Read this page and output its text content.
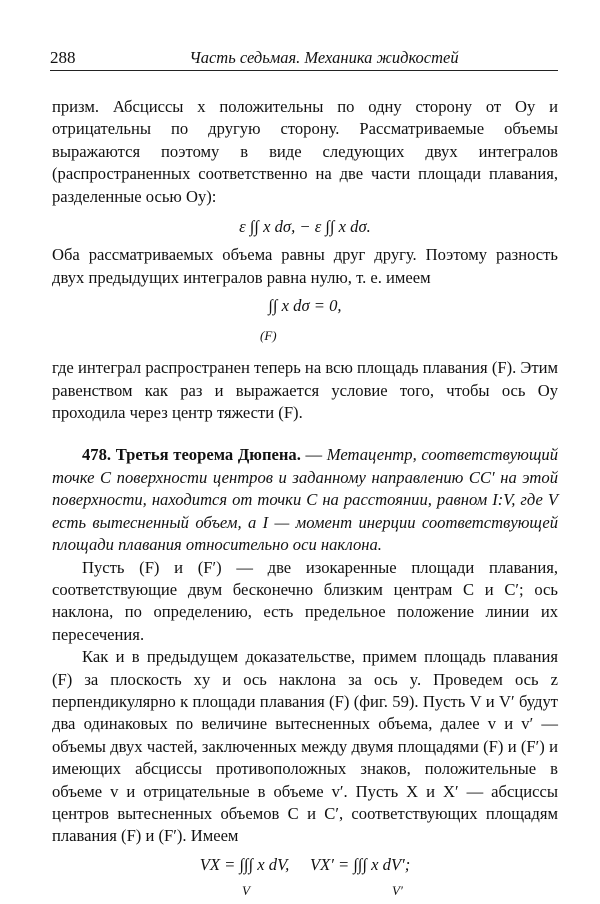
288	Часть седьмая. Механика жидкостей

призм. Абсциссы x положительны по одну сторону от Oy и отрицательны по другую сторону. Рассматриваемые объемы выражаются поэтому в виде следующих двух интегралов (распространенных соответственно на две части площади плавания, разделенные осью Oy):

ε ∫∫ x dσ, − ε ∫∫ x dσ.

Оба рассматриваемых объема равны друг другу. Поэтому разность двух предыдущих интегралов равна нулю, т. е. имеем

∫∫ x dσ = 0,
(F)

где интеграл распространен теперь на всю площадь плавания (F). Этим равенством как раз и выражается условие того, чтобы ось Oy проходила через центр тяжести (F).

478. Третья теорема Дюпена. — Метацентр, соответствующий точке C поверхности центров и заданному направлению CC′ на этой поверхности, находится от точки C на расстоянии, равном I:V, где V есть вытесненный объем, а I — момент инерции соответствующей площади плавания относительно оси наклона.

Пусть (F) и (F′) — две изокаренные площади плавания, соответствующие двум бесконечно близким центрам C и C′; ось наклона, по определению, есть предельное положение линии их пересечения.

Как и в предыдущем доказательстве, примем площадь плавания (F) за плоскость xy и ось наклона за ось y. Проведем ось z перпендикулярно к площади плавания (F) (фиг. 59). Пусть V и V′ будут два одинаковых по величине вытесненных объема, далее v и v′ — объемы двух частей, заключенных между двумя площадями (F) и (F′) и имеющих абсциссы противоположных знаков, положительные в объеме v и отрицательные в объеме v′. Пусть X и X′ — абсциссы центров вытесненных объемов C и C′, соответствующих площадям плавания (F) и (F′). Имеем

VX = ∫∫∫ x dV, VX′ = ∫∫∫ x dV′;
V	V′
